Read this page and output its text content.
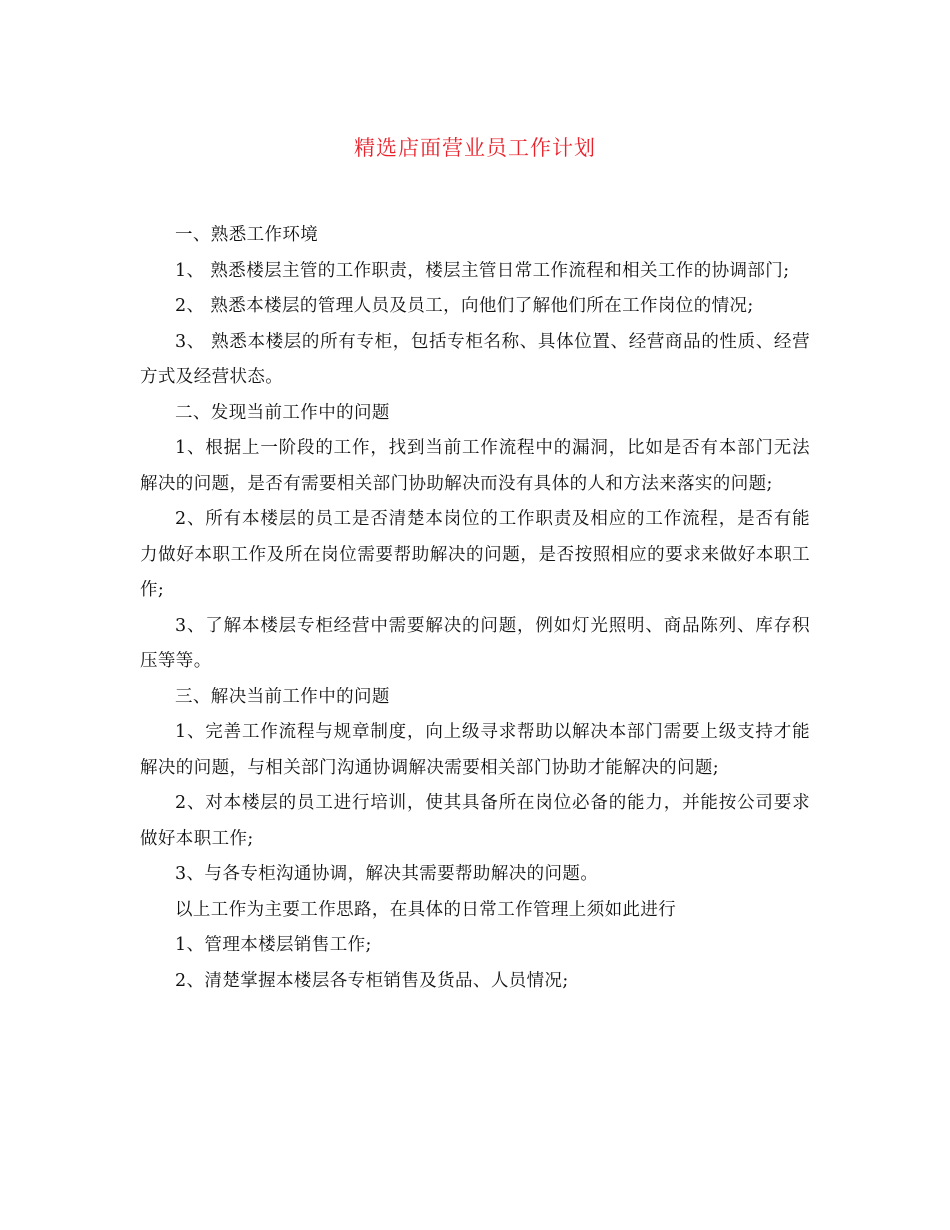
精选店面营业员工作计划

一、熟悉工作环境

1、 熟悉楼层主管的工作职责，楼层主管日常工作流程和相关工作的协调部门;

2、 熟悉本楼层的管理人员及员工，向他们了解他们所在工作岗位的情况;

3、 熟悉本楼层的所有专柜，包括专柜名称、具体位置、经营商品的性质、经营方式及经营状态。

二、发现当前工作中的问题

1、根据上一阶段的工作，找到当前工作流程中的漏洞，比如是否有本部门无法解决的问题，是否有需要相关部门协助解决而没有具体的人和方法来落实的问题;

2、所有本楼层的员工是否清楚本岗位的工作职责及相应的工作流程，是否有能力做好本职工作及所在岗位需要帮助解决的问题，是否按照相应的要求来做好本职工作;

3、了解本楼层专柜经营中需要解决的问题，例如灯光照明、商品陈列、库存积压等等。

三、解决当前工作中的问题

1、完善工作流程与规章制度，向上级寻求帮助以解决本部门需要上级支持才能解决的问题，与相关部门沟通协调解决需要相关部门协助才能解决的问题;

2、对本楼层的员工进行培训，使其具备所在岗位必备的能力，并能按公司要求做好本职工作;

3、与各专柜沟通协调，解决其需要帮助解决的问题。

以上工作为主要工作思路，在具体的日常工作管理上须如此进行

1、管理本楼层销售工作;

2、清楚掌握本楼层各专柜销售及货品、人员情况;
